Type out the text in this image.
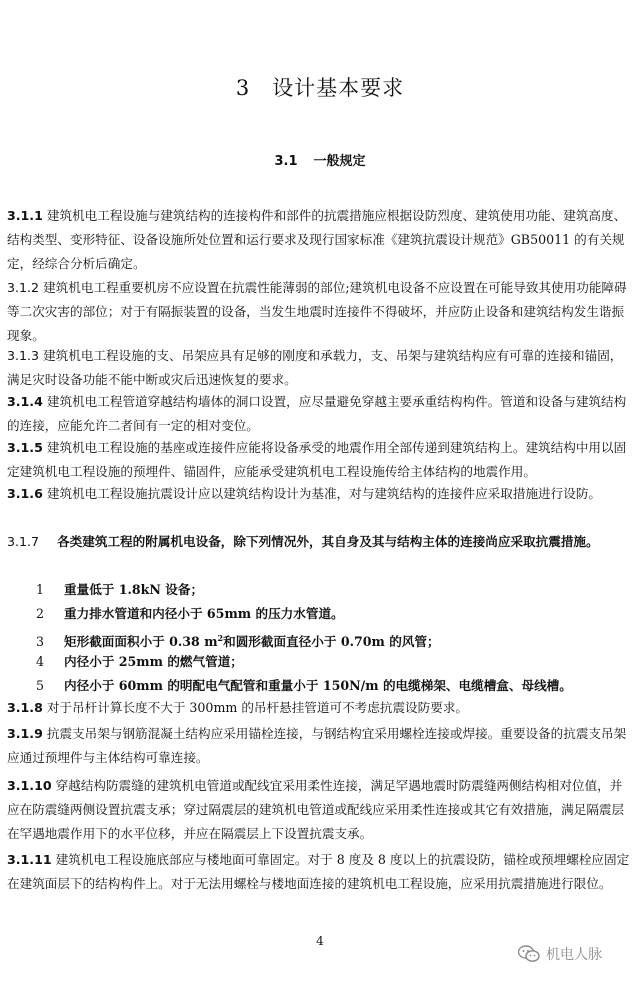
3 设计基本要求
3.1 一般规定
3.1.1 建筑机电工程设施与建筑结构的连接构件和部件的抗震措施应根据设防烈度、建筑使用功能、建筑高度、结构类型、变形特征、设备设施所处位置和运行要求及现行国家标准《建筑抗震设计规范》GB50011 的有关规定，经综合分析后确定。
3.1.2 建筑机电工程重要机房不应设置在抗震性能薄弱的部位;建筑机电设备不应设置在可能导致其使用功能障碍等二次灾害的部位；对于有隔振装置的设备，当发生地震时连接件不得破坏，并应防止设备和建筑结构发生谐振现象。
3.1.3 建筑机电工程设施的支、吊架应具有足够的刚度和承载力，支、吊架与建筑结构应有可靠的连接和锚固，满足灾时设备功能不能中断或灾后迅速恢复的要求。
3.1.4 建筑机电工程管道穿越结构墙体的洞口设置，应尽量避免穿越主要承重结构构件。管道和设备与建筑结构的连接，应能允许二者间有一定的相对变位。
3.1.5 建筑机电工程设施的基座或连接件应能将设备承受的地震作用全部传递到建筑结构上。建筑结构中用以固定建筑机电工程设施的预埋件、锚固件，应能承受建筑机电工程设施传给主体结构的地震作用。
3.1.6 建筑机电工程设施抗震设计应以建筑结构设计为基准，对与建筑结构的连接件应采取措施进行设防。
3.1.7 各类建筑工程的附属机电设备，除下列情况外，其自身及其与结构主体的连接尚应采取抗震措施。
1 重量低于 1.8kN 设备；
2 重力排水管道和内径小于 65mm 的压力水管道。
3 矩形截面面积小于 0.38 $m^2$和圆形截面直径小于 0.70m 的风管；
4 内径小于 25mm 的燃气管道；
5 内径小于 60mm 的明配电气配管和重量小于 150N/m 的电缆梯架、电缆槽盒、母线槽。
3.1.8 对于吊杆计算长度不大于 300mm 的吊杆悬挂管道可不考虑抗震设防要求。
3.1.9 抗震支吊架与钢筋混凝土结构应采用锚栓连接，与钢结构宜采用螺栓连接或焊接。重要设备的抗震支吊架应通过预埋件与主体结构可靠连接。
3.1.10 穿越结构防震缝的建筑机电管道或配线宜采用柔性连接，满足罕遇地震时防震缝两侧结构相对位值，并应在防震缝两侧设置抗震支承；穿过隔震层的建筑机电管道或配线应采用柔性连接或其它有效措施，满足隔震层在罕遇地震作用下的水平位移，并应在隔震层上下设置抗震支承。
3.1.11 建筑机电工程设施底部应与楼地面可靠固定。对于 8 度及 8 度以上的抗震设防，锚栓或预埋螺栓应固定在建筑面层下的结构构件上。对于无法用螺栓与楼地面连接的建筑机电工程设施，应采用抗震措施进行限位。
4
机电人脉
